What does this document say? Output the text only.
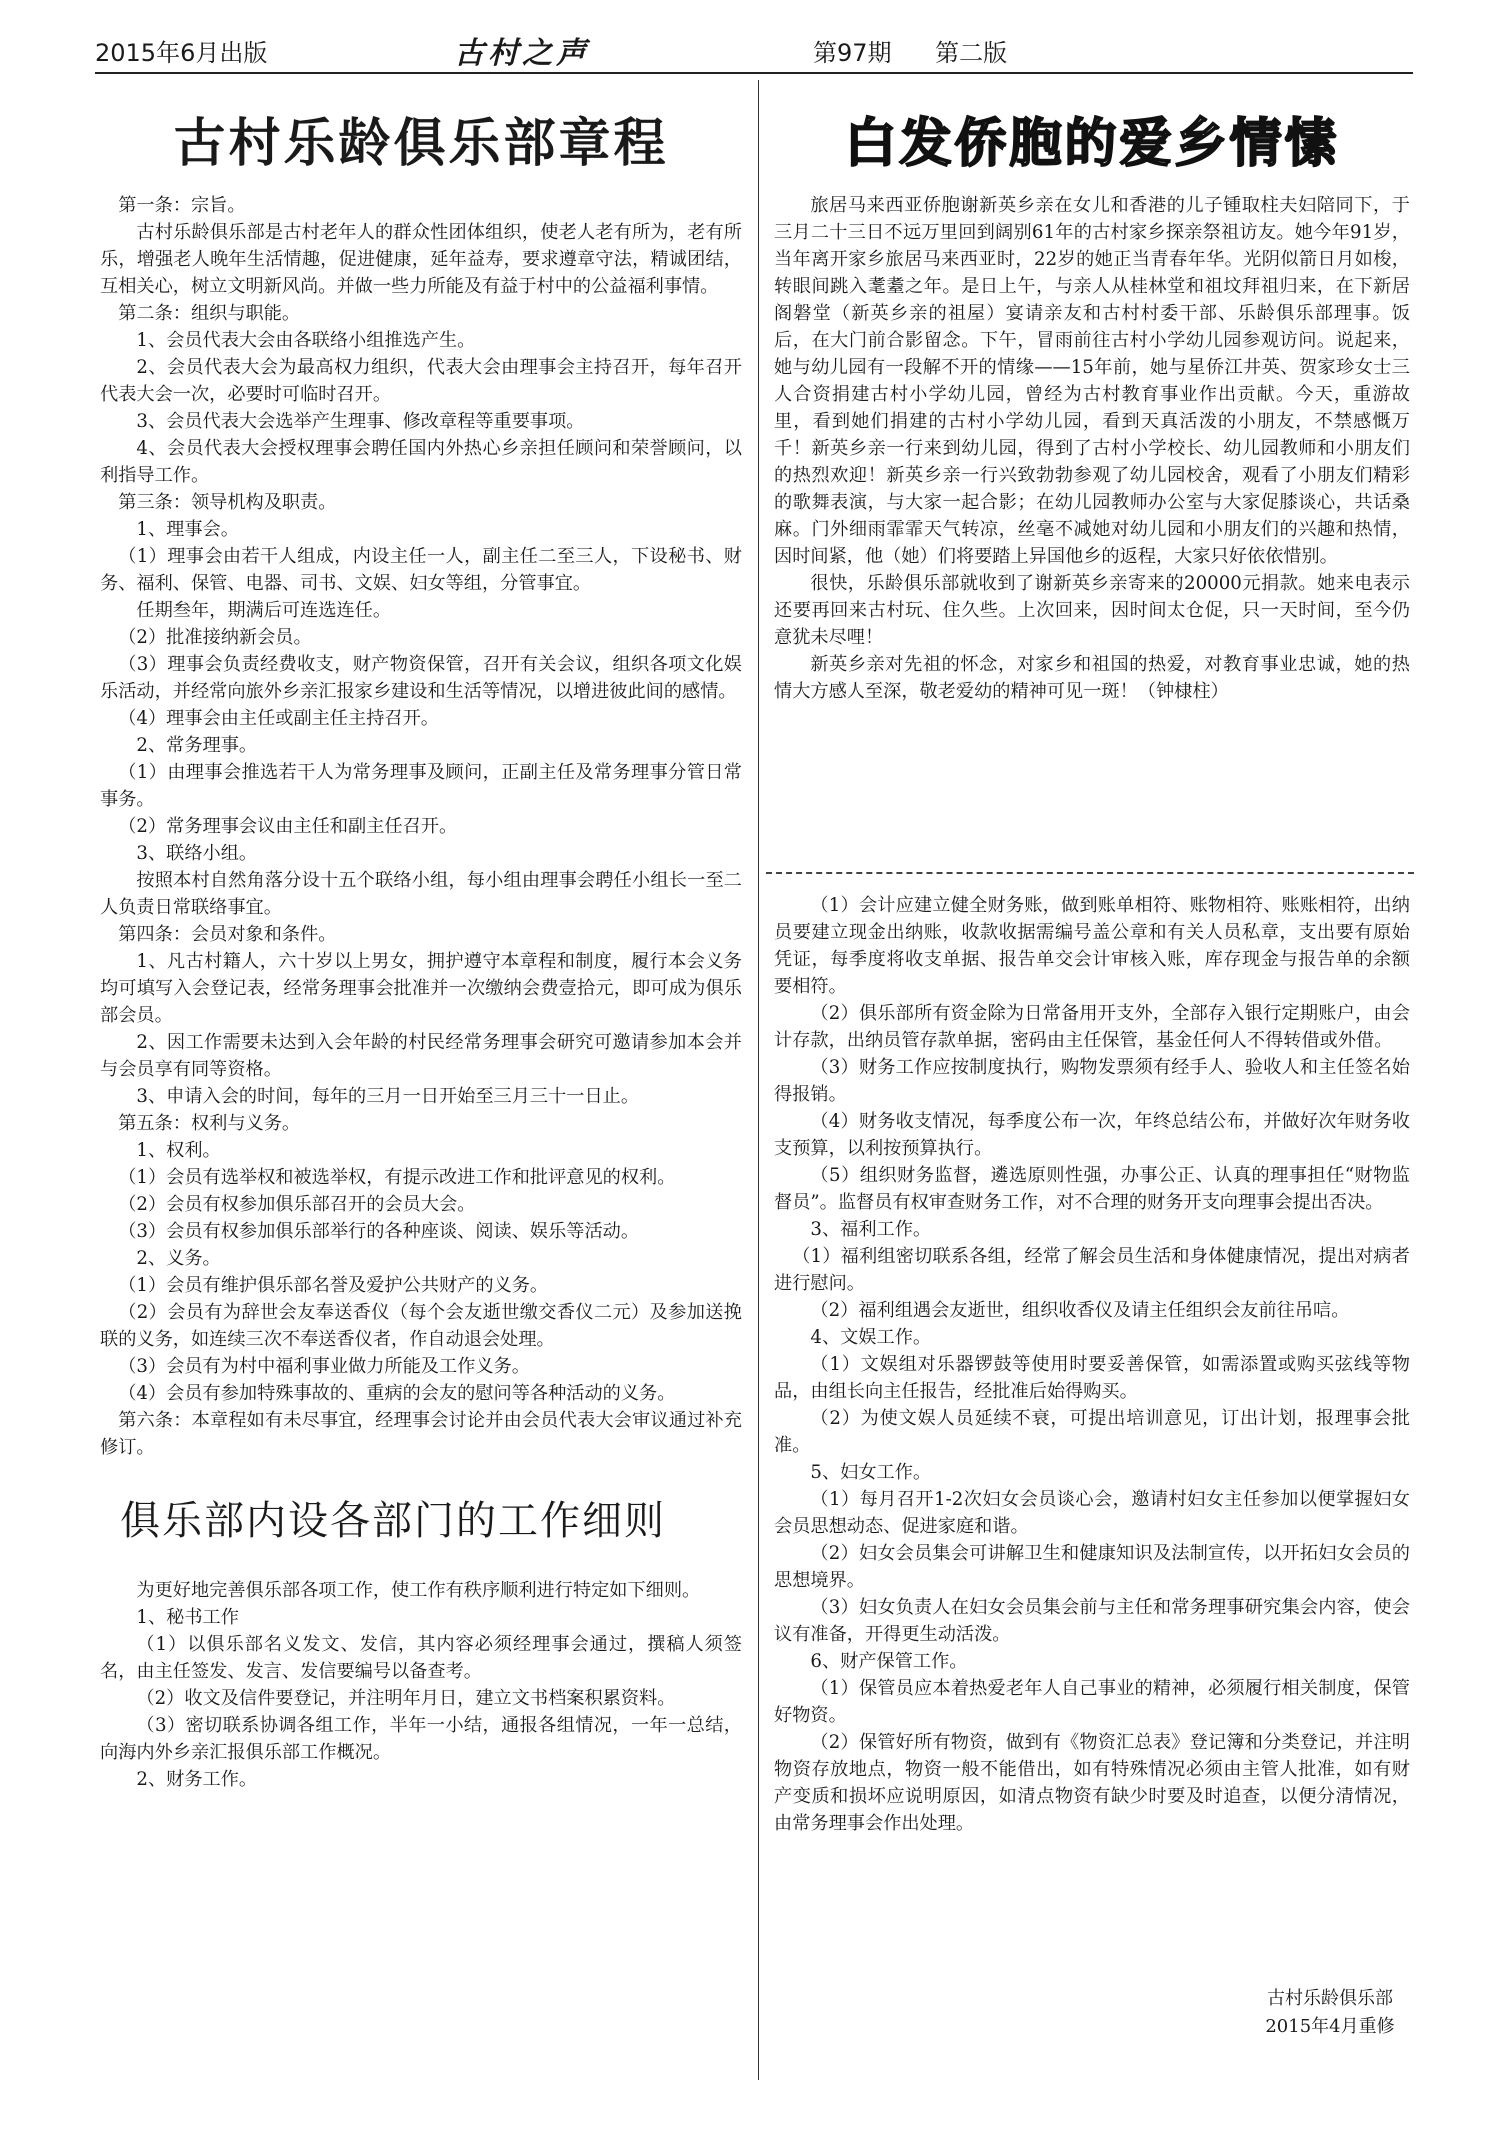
2015年6月出版	古村之声	第97期 第二版
古村乐龄俱乐部章程

第一条：宗旨。

古村乐龄俱乐部是古村老年人的群众性团体组织，使老人老有所为，老有所乐，增强老人晚年生活情趣，促进健康，延年益寿，要求遵章守法，精诚团结，互相关心，树立文明新风尚。并做一些力所能及有益于村中的公益福利事情。

第二条：组织与职能。

1、会员代表大会由各联络小组推选产生。

2、会员代表大会为最高权力组织，代表大会由理事会主持召开，每年召开代表大会一次，必要时可临时召开。

3、会员代表大会选举产生理事、修改章程等重要事项。

4、会员代表大会授权理事会聘任国内外热心乡亲担任顾问和荣誉顾问，以利指导工作。

第三条：领导机构及职责。

1、理事会。

（1）理事会由若干人组成，内设主任一人，副主任二至三人，下设秘书、财务、福利、保管、电器、司书、文娱、妇女等组，分管事宜。

任期叁年，期满后可连选连任。

（2）批准接纳新会员。

（3）理事会负责经费收支，财产物资保管，召开有关会议，组织各项文化娱乐活动，并经常向旅外乡亲汇报家乡建设和生活等情况，以增进彼此间的感情。

（4）理事会由主任或副主任主持召开。

2、常务理事。

（1）由理事会推选若干人为常务理事及顾问，正副主任及常务理事分管日常事务。

（2）常务理事会议由主任和副主任召开。

3、联络小组。

按照本村自然角落分设十五个联络小组，每小组由理事会聘任小组长一至二人负责日常联络事宜。

第四条：会员对象和条件。

1、凡古村籍人，六十岁以上男女，拥护遵守本章程和制度，履行本会义务均可填写入会登记表，经常务理事会批准并一次缴纳会费壹拾元，即可成为俱乐部会员。

2、因工作需要未达到入会年龄的村民经常务理事会研究可邀请参加本会并与会员享有同等资格。

3、申请入会的时间，每年的三月一日开始至三月三十一日止。

第五条：权利与义务。

1、权利。

（1）会员有选举权和被选举权，有提示改进工作和批评意见的权利。

（2）会员有权参加俱乐部召开的会员大会。

（3）会员有权参加俱乐部举行的各种座谈、阅读、娱乐等活动。

2、义务。

（1）会员有维护俱乐部名誉及爱护公共财产的义务。

（2）会员有为辞世会友奉送香仪（每个会友逝世缴交香仪二元）及参加送挽联的义务，如连续三次不奉送香仪者，作自动退会处理。

（3）会员有为村中福利事业做力所能及工作义务。

（4）会员有参加特殊事故的、重病的会友的慰问等各种活动的义务。

第六条：本章程如有未尽事宜，经理事会讨论并由会员代表大会审议通过补充修订。

俱乐部内设各部门的工作细则

为更好地完善俱乐部各项工作，使工作有秩序顺利进行特定如下细则。

1、秘书工作

（1）以俱乐部名义发文、发信，其内容必须经理事会通过，撰稿人须签名，由主任签发、发言、发信要编号以备查考。

（2）收文及信件要登记，并注明年月日，建立文书档案积累资料。

（3）密切联系协调各组工作，半年一小结，通报各组情况，一年一总结，向海内外乡亲汇报俱乐部工作概况。

2、财务工作。

白发侨胞的爱乡情愫

旅居马来西亚侨胞谢新英乡亲在女儿和香港的儿子锺取柱夫妇陪同下，于三月二十三日不远万里回到阔别61年的古村家乡探亲祭祖访友。她今年91岁，当年离开家乡旅居马来西亚时，22岁的她正当青春年华。光阴似箭日月如梭，转眼间跳入耄耋之年。是日上午，与亲人从桂林堂和祖坟拜祖归来，在下新居阁磐堂（新英乡亲的祖屋）宴请亲友和古村村委干部、乐龄俱乐部理事。饭后，在大门前合影留念。下午，冒雨前往古村小学幼儿园参观访问。说起来，她与幼儿园有一段解不开的情缘——15年前，她与星侨江井英、贺家珍女士三人合资捐建古村小学幼儿园，曾经为古村教育事业作出贡献。今天，重游故里，看到她们捐建的古村小学幼儿园，看到天真活泼的小朋友，不禁感慨万千！新英乡亲一行来到幼儿园，得到了古村小学校长、幼儿园教师和小朋友们的热烈欢迎！新英乡亲一行兴致勃勃参观了幼儿园校舍，观看了小朋友们精彩的歌舞表演，与大家一起合影；在幼儿园教师办公室与大家促膝谈心，共话桑麻。门外细雨霏霏天气转凉，丝毫不减她对幼儿园和小朋友们的兴趣和热情，因时间紧，他（她）们将要踏上异国他乡的返程，大家只好依依惜别。

很快，乐龄俱乐部就收到了谢新英乡亲寄来的20000元捐款。她来电表示还要再回来古村玩、住久些。上次回来，因时间太仓促，只一天时间，至今仍意犹未尽哩！

新英乡亲对先祖的怀念，对家乡和祖国的热爱，对教育事业忠诚，她的热情大方感人至深，敬老爱幼的精神可见一斑！（钟棣柱）

（1）会计应建立健全财务账，做到账单相符、账物相符、账账相符，出纳员要建立现金出纳账，收款收据需编号盖公章和有关人员私章，支出要有原始凭证，每季度将收支单据、报告单交会计审核入账，库存现金与报告单的余额要相符。

（2）俱乐部所有资金除为日常备用开支外，全部存入银行定期账户，由会计存款，出纳员管存款单据，密码由主任保管，基金任何人不得转借或外借。

（3）财务工作应按制度执行，购物发票须有经手人、验收人和主任签名始得报销。

（4）财务收支情况，每季度公布一次，年终总结公布，并做好次年财务收支预算，以利按预算执行。

（5）组织财务监督，遴选原则性强，办事公正、认真的理事担任“财物监督员”。监督员有权审查财务工作，对不合理的财务开支向理事会提出否决。

3、福利工作。

（1）福利组密切联系各组，经常了解会员生活和身体健康情况，提出对病者进行慰问。

（2）福利组遇会友逝世，组织收香仪及请主任组织会友前往吊唁。

4、文娱工作。

（1）文娱组对乐器锣鼓等使用时要妥善保管，如需添置或购买弦线等物品，由组长向主任报告，经批准后始得购买。

（2）为使文娱人员延续不衰，可提出培训意见，订出计划，报理事会批准。

5、妇女工作。

（1）每月召开1-2次妇女会员谈心会，邀请村妇女主任参加以便掌握妇女会员思想动态、促进家庭和谐。

（2）妇女会员集会可讲解卫生和健康知识及法制宣传，以开拓妇女会员的思想境界。

（3）妇女负责人在妇女会员集会前与主任和常务理事研究集会内容，使会议有准备，开得更生动活泼。

6、财产保管工作。

（1）保管员应本着热爱老年人自己事业的精神，必须履行相关制度，保管好物资。

（2）保管好所有物资，做到有《物资汇总表》登记簿和分类登记，并注明物资存放地点，物资一般不能借出，如有特殊情况必须由主管人批准，如有财产变质和损坏应说明原因，如清点物资有缺少时要及时追查，以便分清情况，由常务理事会作出处理。

古村乐龄俱乐部
2015年4月重修
